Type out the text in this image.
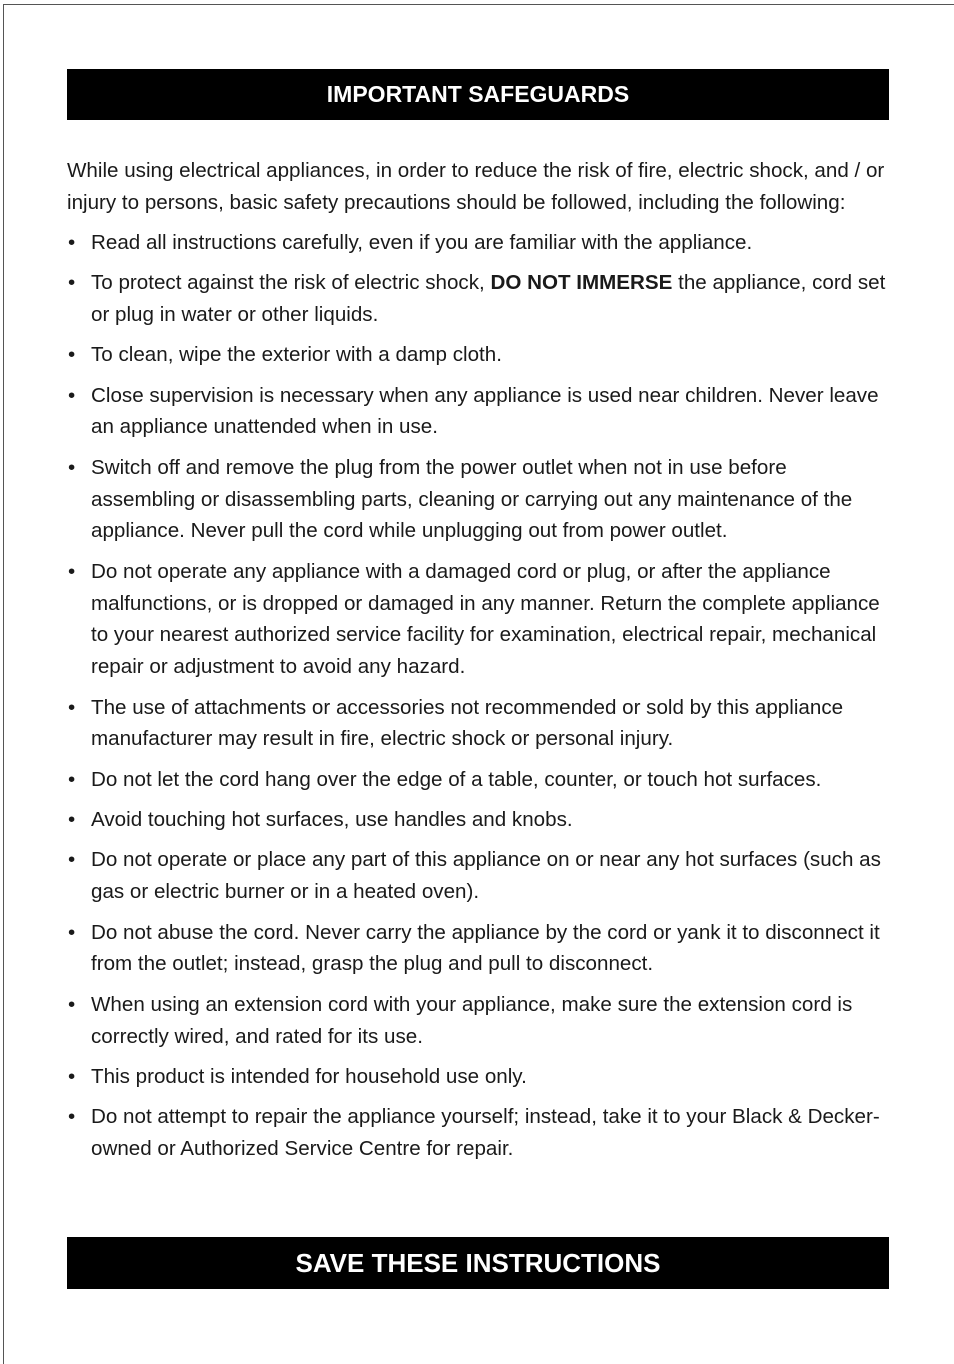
IMPORTANT SAFEGUARDS

While using electrical appliances, in order to reduce the risk of fire, electric shock, and / or injury to persons, basic safety precautions should be followed, including the following:

• Read all instructions carefully, even if you are familiar with the appliance.
• To protect against the risk of electric shock, DO NOT IMMERSE the appliance, cord set or plug in water or other liquids.
• To clean, wipe the exterior with a damp cloth.
• Close supervision is necessary when any appliance is used near children. Never leave an appliance unattended when in use.
• Switch off and remove the plug from the power outlet when not in use before assembling or disassembling parts, cleaning or carrying out any maintenance of the appliance. Never pull the cord while unplugging out from power outlet.
• Do not operate any appliance with a damaged cord or plug, or after the appliance malfunctions, or is dropped or damaged in any manner. Return the complete appliance to your nearest authorized service facility for examination, electrical repair, mechanical repair or adjustment to avoid any hazard.
• The use of attachments or accessories not recommended or sold by this appliance manufacturer may result in fire, electric shock or personal injury.
• Do not let the cord hang over the edge of a table, counter, or touch hot surfaces.
• Avoid touching hot surfaces, use handles and knobs.
• Do not operate or place any part of this appliance on or near any hot surfaces (such as gas or electric burner or in a heated oven).
• Do not abuse the cord. Never carry the appliance by the cord or yank it to disconnect it from the outlet; instead, grasp the plug and pull to disconnect.
• When using an extension cord with your appliance, make sure the extension cord is correctly wired, and rated for its use.
• This product is intended for household use only.
• Do not attempt to repair the appliance yourself; instead, take it to your Black & Decker-owned or Authorized Service Centre for repair.
SAVE THESE INSTRUCTIONS
